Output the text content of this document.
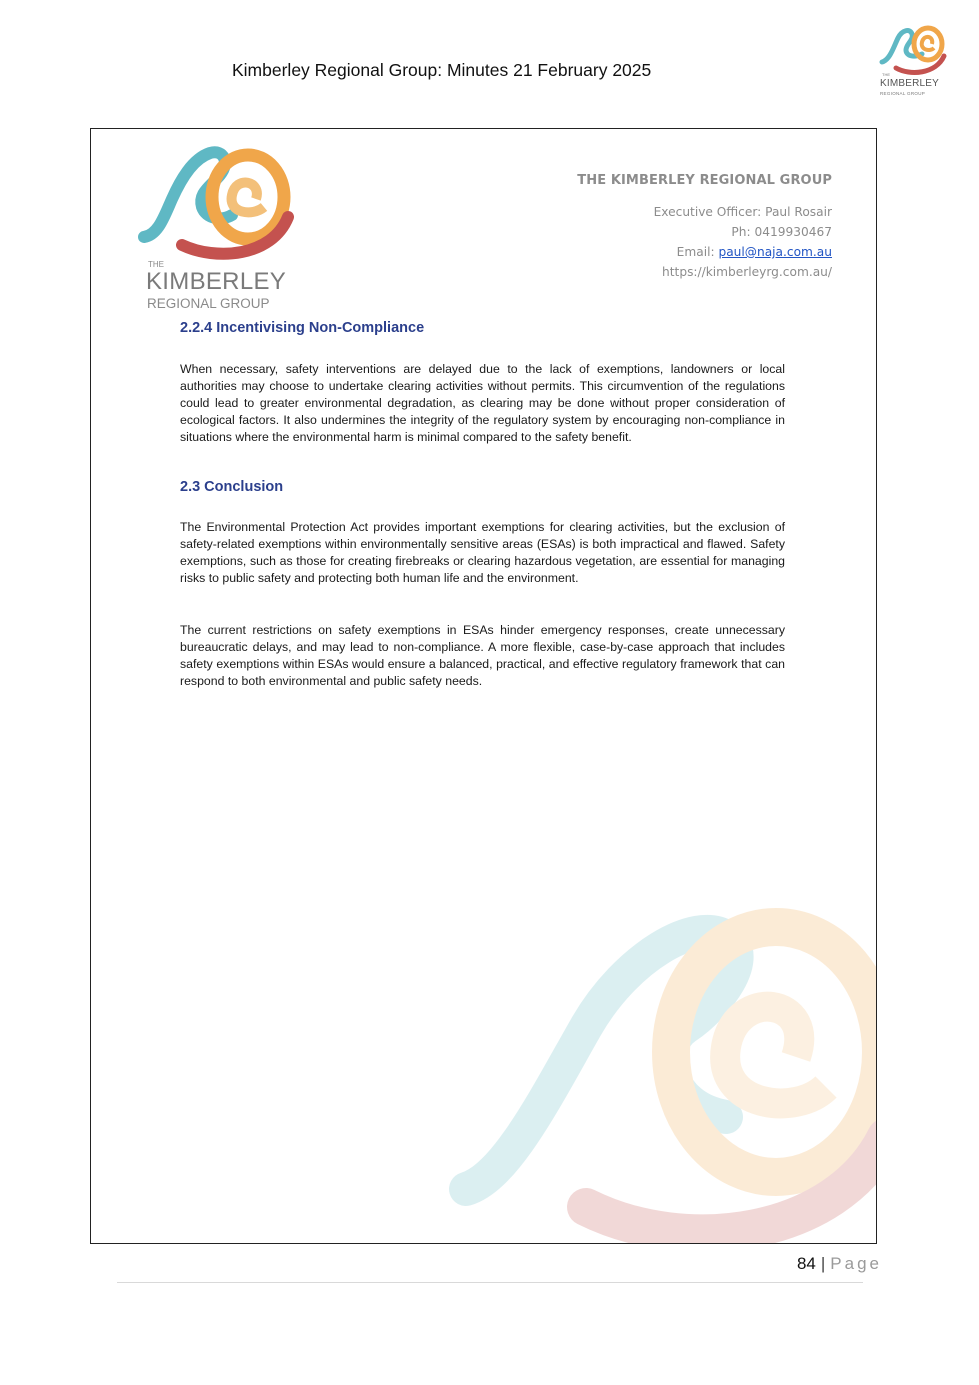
Kimberley Regional Group: Minutes 21 February 2025	THE
KIMBERLEY
REGIONAL GROUP
THE
KIMBERLEY
REGIONAL GROUP
THE KIMBERLEY REGIONAL GROUP
Executive Officer: Paul Rosair
Ph: 0419930467
Email: paul@naja.com.au
https://kimberleyrg.com.au/
2.2.4 Incentivising Non-Compliance

When necessary, safety interventions are delayed due to the lack of exemptions, landowners or local authorities may choose to undertake clearing activities without permits. This circumvention of the regulations could lead to greater environmental degradation, as clearing may be done without proper consideration of ecological factors. It also undermines the integrity of the regulatory system by encouraging non-compliance in situations where the environmental harm is minimal compared to the safety benefit.

2.3 Conclusion

The Environmental Protection Act provides important exemptions for clearing activities, but the exclusion of safety-related exemptions within environmentally sensitive areas (ESAs) is both impractical and flawed. Safety exemptions, such as those for creating firebreaks or clearing hazardous vegetation, are essential for managing risks to public safety and protecting both human life and the environment.

The current restrictions on safety exemptions in ESAs hinder emergency responses, create unnecessary bureaucratic delays, and may lead to non-compliance. A more flexible, case-by-case approach that includes safety exemptions within ESAs would ensure a balanced, practical, and effective regulatory framework that can respond to both environmental and public safety needs.

84 | Page
